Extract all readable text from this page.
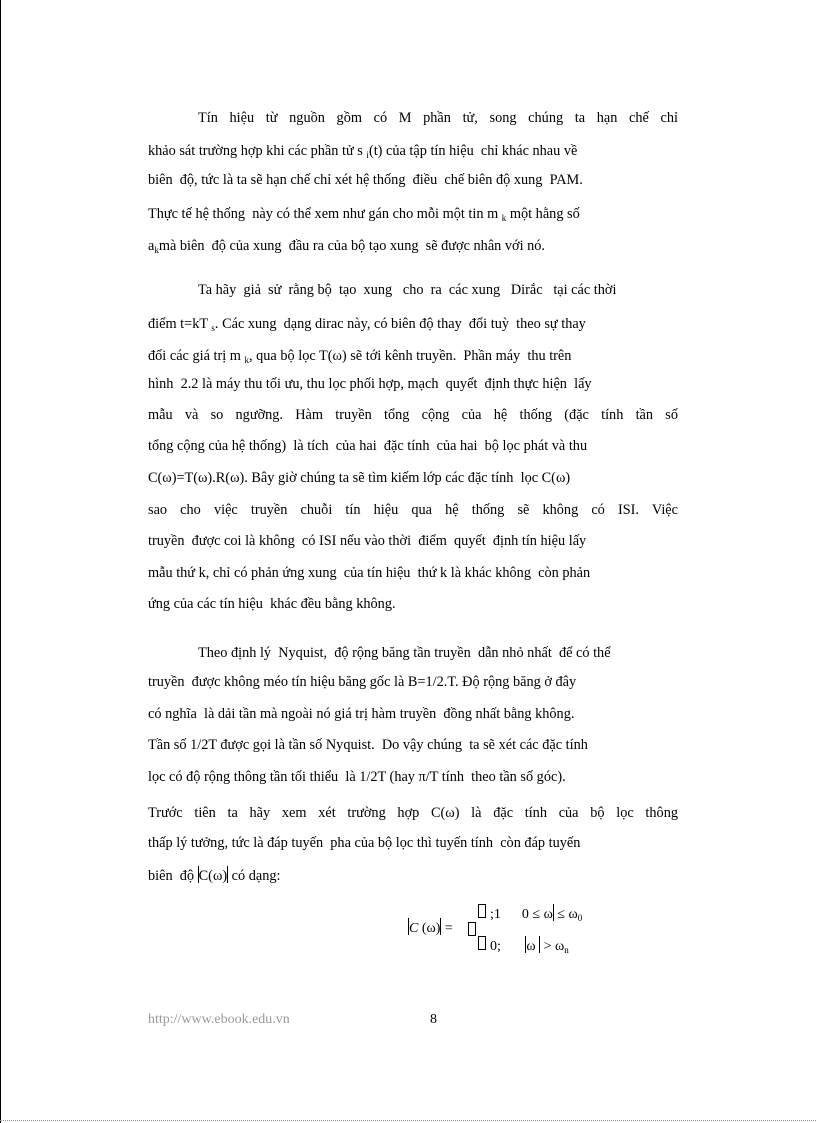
Tín hiệu từ nguồn gồm có M phần tử, song chúng ta hạn chế chỉ
khảo sát trường hợp khi các phần tử s $_i$(t) của tập tín hiệu  chỉ khác nhau về
biên  độ, tức là ta sẽ hạn chế chỉ xét hệ thống  điều  chế biên độ xung  PAM.
Thực tế hệ thống  này có thể xem như gán cho mỗi một tin m $_k$ một hằng số
$a_kmà$ biên  độ của xung  đầu ra của bộ tạo xung  sẽ được nhân với nó.
Ta hãy  giả  sử  rằng bộ  tạo  xung   cho  ra  các xung   Dirắc   tại các thời
điểm t=kT $_s$. Các xung  dạng dirac này, có biên độ thay  đổi tuỳ  theo sự thay
đổi các giá trị m $_k$, qua bộ lọc T(ω) sẽ tới kênh truyền.  Phần máy  thu trên
hình  2.2 là máy thu tối ưu, thu lọc phối hợp, mạch  quyết  định thực hiện  lấy
mẫu và so ngưỡng. Hàm truyền tổng cộng của hệ thống (đặc tính tần số
tổng cộng của hệ thống)  là tích  của hai  đặc tính  của hai  bộ lọc phát và thu
C(ω)=T(ω).R(ω). Bây giờ chúng ta sẽ tìm kiếm lớp các đặc tính  lọc C(ω)
sao cho việc truyền chuỗi tín hiệu qua hệ thống sẽ không có ISI. Việc
truyền  được coi là không  có ISI nếu vào thời  điểm  quyết  định tín hiệu lấy
mẫu thứ k, chỉ có phản ứng xung  của tín hiệu  thứ k là khác không  còn phản
ứng của các tín hiệu  khác đều bằng không.
Theo định lý  Nyquist,  độ rộng băng tần truyền  dẫn nhỏ nhất  để có thể
truyền  được không méo tín hiệu băng gốc là B=1/2.T. Độ rộng băng ở đây
có nghĩa  là dải tần mà ngoài nó giá trị hàm truyền  đồng nhất bằng không.
Tần số 1/2T được gọi là tần số Nyquist.  Do vậy chúng  ta sẽ xét các đặc tính
lọc có độ rộng thông tần tối thiểu  là 1/2T (hay π/T tính  theo tần số góc).
Trước tiên ta hãy xem xét trường hợp C(ω) là đặc tính của bộ lọc thông
thấp lý tưởng, tức là đáp tuyến  pha của bộ lọc thì tuyến tính  còn đáp tuyến
biên  độ C(ω) có dạng:
C (ω) =
;1 $0 \le \omega \le \omega_0$
0; $\omega > \omega_n$
http://www.ebook.edu.vn	8
